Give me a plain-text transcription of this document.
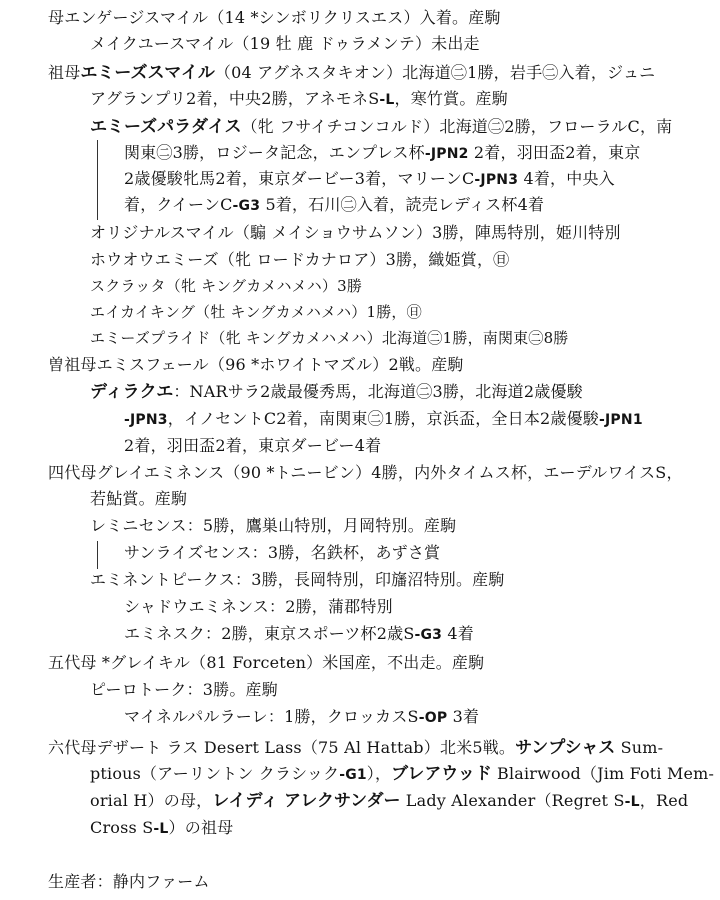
母エンゲージスマイル（14 *シンボリクリスエス）入着。産駒
メイクユースマイル（19 牡 鹿 ドゥラメンテ）未出走
祖母エミーズスマイル（04 アグネスタキオン）北海道㊁1勝，岩手㊁入着，ジュニ
アグランプリ2着，中央2勝，アネモネS-L，寒竹賞。産駒
エミーズパラダイス（牝 フサイチコンコルド）北海道㊁2勝，フローラルC，南
関東㊁3勝，ロジータ記念，エンプレス杯-JPN2 2着，羽田盃2着，東京
2歳優駿牝馬2着，東京ダービー3着，マリーンC-JPN3 4着，中央入
着，クイーンC-G3 5着，石川㊁入着，読売レディス杯4着
オリジナルスマイル（騸 メイショウサムソン）3勝，陣馬特別，姫川特別
ホウオウエミーズ（牝 ロードカナロア）3勝，織姫賞，㊐
スクラッタ（牝 キングカメハメハ）3勝
エイカイキング（牡 キングカメハメハ）1勝，㊐
エミーズプライド（牝 キングカメハメハ）北海道㊁1勝，南関東㊁8勝
曽祖母エミスフェール（96 *ホワイトマズル）2戦。産駒
ディラクエ：NARサラ2歳最優秀馬，北海道㊁3勝，北海道2歳優駿
-JPN3，イノセントC2着，南関東㊁1勝，京浜盃，全日本2歳優駿-JPN1
2着，羽田盃2着，東京ダービー4着
四代母グレイエミネンス（90 *トニービン）4勝，内外タイムス杯，エーデルワイスS，
若鮎賞。産駒
レミニセンス：5勝，鷹巣山特別，月岡特別。産駒
サンライズセンス：3勝，名鉄杯，あずさ賞
エミネントピークス：3勝，長岡特別，印旛沼特別。産駒
シャドウエミネンス：2勝，蒲郡特別
エミネスク：2勝，東京スポーツ杯2歳S-G3 4着
五代母 *グレイキル（81 Forceten）米国産，不出走。産駒
ピーロトーク：3勝。産駒
マイネルパルラーレ：1勝，クロッカスS-OP 3着
六代母デザート ラス Desert Lass（75 Al Hattab）北米5戦。サンプシャス Sum-
ptious（アーリントン クラシック-G1），ブレアウッド Blairwood（Jim Foti Mem-
orial H）の母，レイディ アレクサンダー Lady Alexander（Regret S-L，Red
Cross S-L）の祖母
生産者：静内ファーム
